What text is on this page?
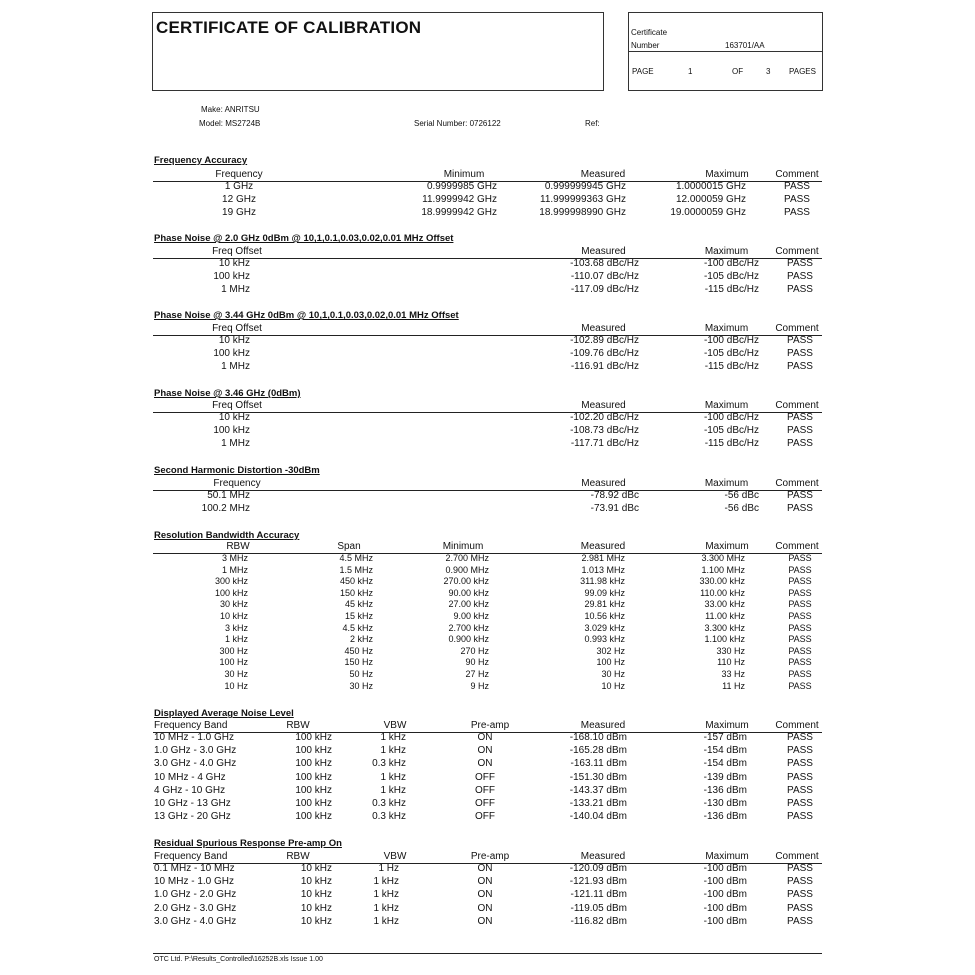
CERTIFICATE OF CALIBRATION	Certificate
Number	163701/AA
PAGE	1	OF	3 PAGES
Make: ANRITSU
Model: MS2724B	Serial Number: 0726122	Ref:
Frequency Accuracy
Frequency	Minimum	Measured	Maximum	Comment
1 GHz	0.9999985 GHz	0.999999945 GHz	1.0000015 GHz	PASS
12 GHz	11.9999942 GHz	11.999999363 GHz	12.000059 GHz	PASS
19 GHz	18.9999942 GHz	18.999998990 GHz	19.0000059 GHz	PASS
Phase Noise @ 2.0 GHz 0dBm @ 10,1,0.1,0.03,0.02,0.01 MHz Offset
Freq Offset	Measured	Maximum	Comment
10 kHz	-103.68 dBc/Hz	-100 dBc/Hz	PASS
100 kHz	-110.07 dBc/Hz	-105 dBc/Hz	PASS
1 MHz	-117.09 dBc/Hz	-115 dBc/Hz	PASS
Phase Noise @ 3.44 GHz 0dBm @ 10,1,0.1,0.03,0.02,0.01 MHz Offset
Freq Offset	Measured	Maximum	Comment
10 kHz	-102.89 dBc/Hz	-100 dBc/Hz	PASS
100 kHz	-109.76 dBc/Hz	-105 dBc/Hz	PASS
1 MHz	-116.91 dBc/Hz	-115 dBc/Hz	PASS
Phase Noise @ 3.46 GHz (0dBm)
Freq Offset	Measured	Maximum	Comment
10 kHz	-102.20 dBc/Hz	-100 dBc/Hz	PASS
100 kHz	-108.73 dBc/Hz	-105 dBc/Hz	PASS
1 MHz	-117.71 dBc/Hz	-115 dBc/Hz	PASS
Second Harmonic Distortion -30dBm
Frequency	Measured	Maximum	Comment
50.1 MHz	-78.92 dBc	-56 dBc	PASS
100.2 MHz	-73.91 dBc	-56 dBc	PASS
Resolution Bandwidth Accuracy
RBW	Span	Minimum	Measured	Maximum	Comment
3 MHz	4.5 MHz	2.700 MHz	2.981 MHz	3.300 MHz	PASS
1 MHz	1.5 MHz	0.900 MHz	1.013 MHz	1.100 MHz	PASS
300 kHz	450 kHz	270.00 kHz	311.98 kHz	330.00 kHz	PASS
100 kHz	150 kHz	90.00 kHz	99.09 kHz	110.00 kHz	PASS
30 kHz	45 kHz	27.00 kHz	29.81 kHz	33.00 kHz	PASS
10 kHz	15 kHz	9.00 kHz	10.56 kHz	11.00 kHz	PASS
3 kHz	4.5 kHz	2.700 kHz	3.029 kHz	3.300 kHz	PASS
1 kHz	2 kHz	0.900 kHz	0.993 kHz	1.100 kHz	PASS
300 Hz	450 Hz	270 Hz	302 Hz	330 Hz	PASS
100 Hz	150 Hz	90 Hz	100 Hz	110 Hz	PASS
30 Hz	50 Hz	27 Hz	30 Hz	33 Hz	PASS
10 Hz	30 Hz	9 Hz	10 Hz	11 Hz	PASS
Displayed Average Noise Level
Frequency Band	RBW	VBW	Pre-amp	Measured	Maximum	Comment
10 MHz - 1.0 GHz	100 kHz	1 kHz	ON	-168.10 dBm	-157 dBm	PASS
1.0 GHz - 3.0 GHz	100 kHz	1 kHz	ON	-165.28 dBm	-154 dBm	PASS
3.0 GHz - 4.0 GHz	100 kHz	0.3 kHz	ON	-163.11 dBm	-154 dBm	PASS
10 MHz - 4 GHz	100 kHz	1 kHz	OFF	-151.30 dBm	-139 dBm	PASS
4 GHz - 10 GHz	100 kHz	1 kHz	OFF	-143.37 dBm	-136 dBm	PASS
10 GHz - 13 GHz	100 kHz	0.3 kHz	OFF	-133.21 dBm	-130 dBm	PASS
13 GHz - 20 GHz	100 kHz	0.3 kHz	OFF	-140.04 dBm	-136 dBm	PASS
Residual Spurious Response Pre-amp On
Frequency Band	RBW	VBW	Pre-amp	Measured	Maximum	Comment
0.1 MHz - 10 MHz	10 kHz	1 Hz	ON	-120.09 dBm	-100 dBm	PASS
10 MHz - 1.0 GHz	10 kHz	1 kHz	ON	-121.93 dBm	-100 dBm	PASS
1.0 GHz - 2.0 GHz	10 kHz	1 kHz	ON	-121.11 dBm	-100 dBm	PASS
2.0 GHz - 3.0 GHz	10 kHz	1 kHz	ON	-119.05 dBm	-100 dBm	PASS
3.0 GHz - 4.0 GHz	10 kHz	1 kHz	ON	-116.82 dBm	-100 dBm	PASS
OTC Ltd. P:\Results_Controlled\16252B.xls Issue 1.00
